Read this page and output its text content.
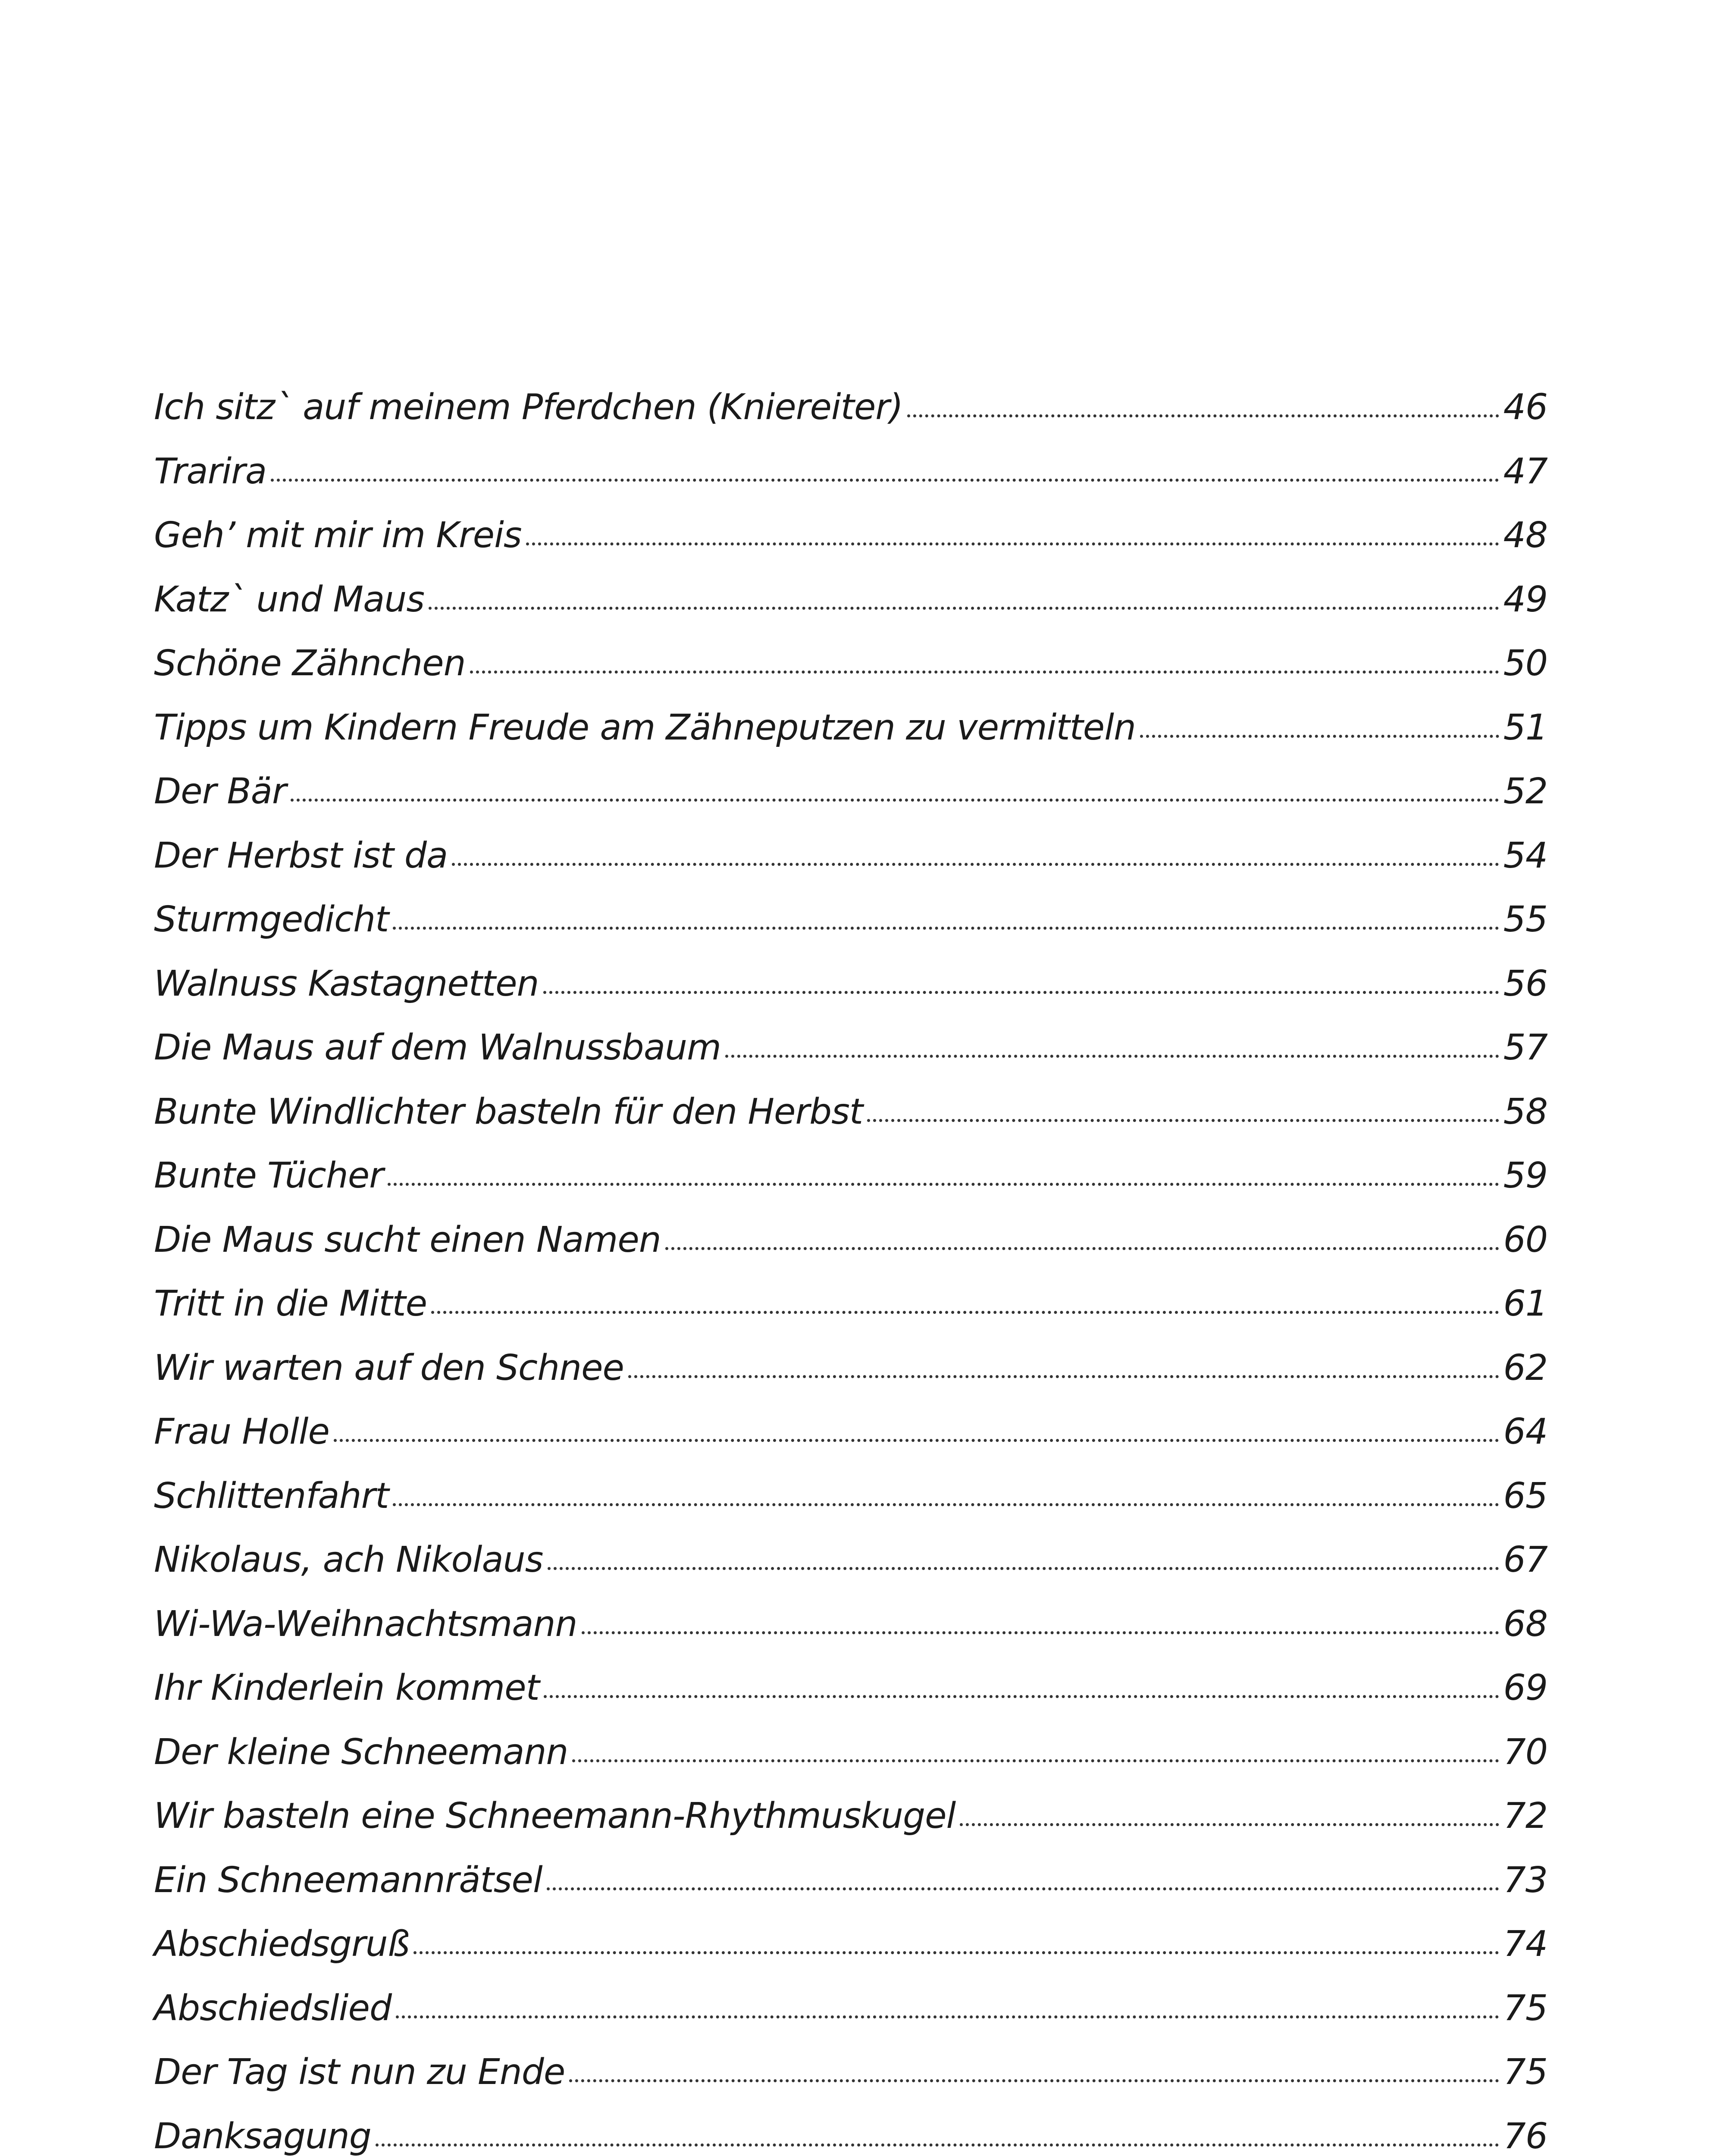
Ich sitz` auf meinem Pferdchen (Kniereiter)	46
Trarira	47
Geh’ mit mir im Kreis	48
Katz` und Maus	49
Schöne Zähnchen	50
Tipps um Kindern Freude am Zähneputzen zu vermitteln	51
Der Bär	52
Der Herbst ist da	54
Sturmgedicht	55
Walnuss Kastagnetten	56
Die Maus auf dem Walnussbaum	57
Bunte Windlichter basteln für den Herbst	58
Bunte Tücher	59
Die Maus sucht einen Namen	60
Tritt in die Mitte	61
Wir warten auf den Schnee	62
Frau Holle	64
Schlittenfahrt	65
Nikolaus, ach Nikolaus	67
Wi-Wa-Weihnachtsmann	68
Ihr Kinderlein kommet	69
Der kleine Schneemann	70
Wir basteln eine Schneemann-Rhythmuskugel	72
Ein Schneemannrätsel	73
Abschiedsgruß	74
Abschiedslied	75
Der Tag ist nun zu Ende	75
Danksagung	76
